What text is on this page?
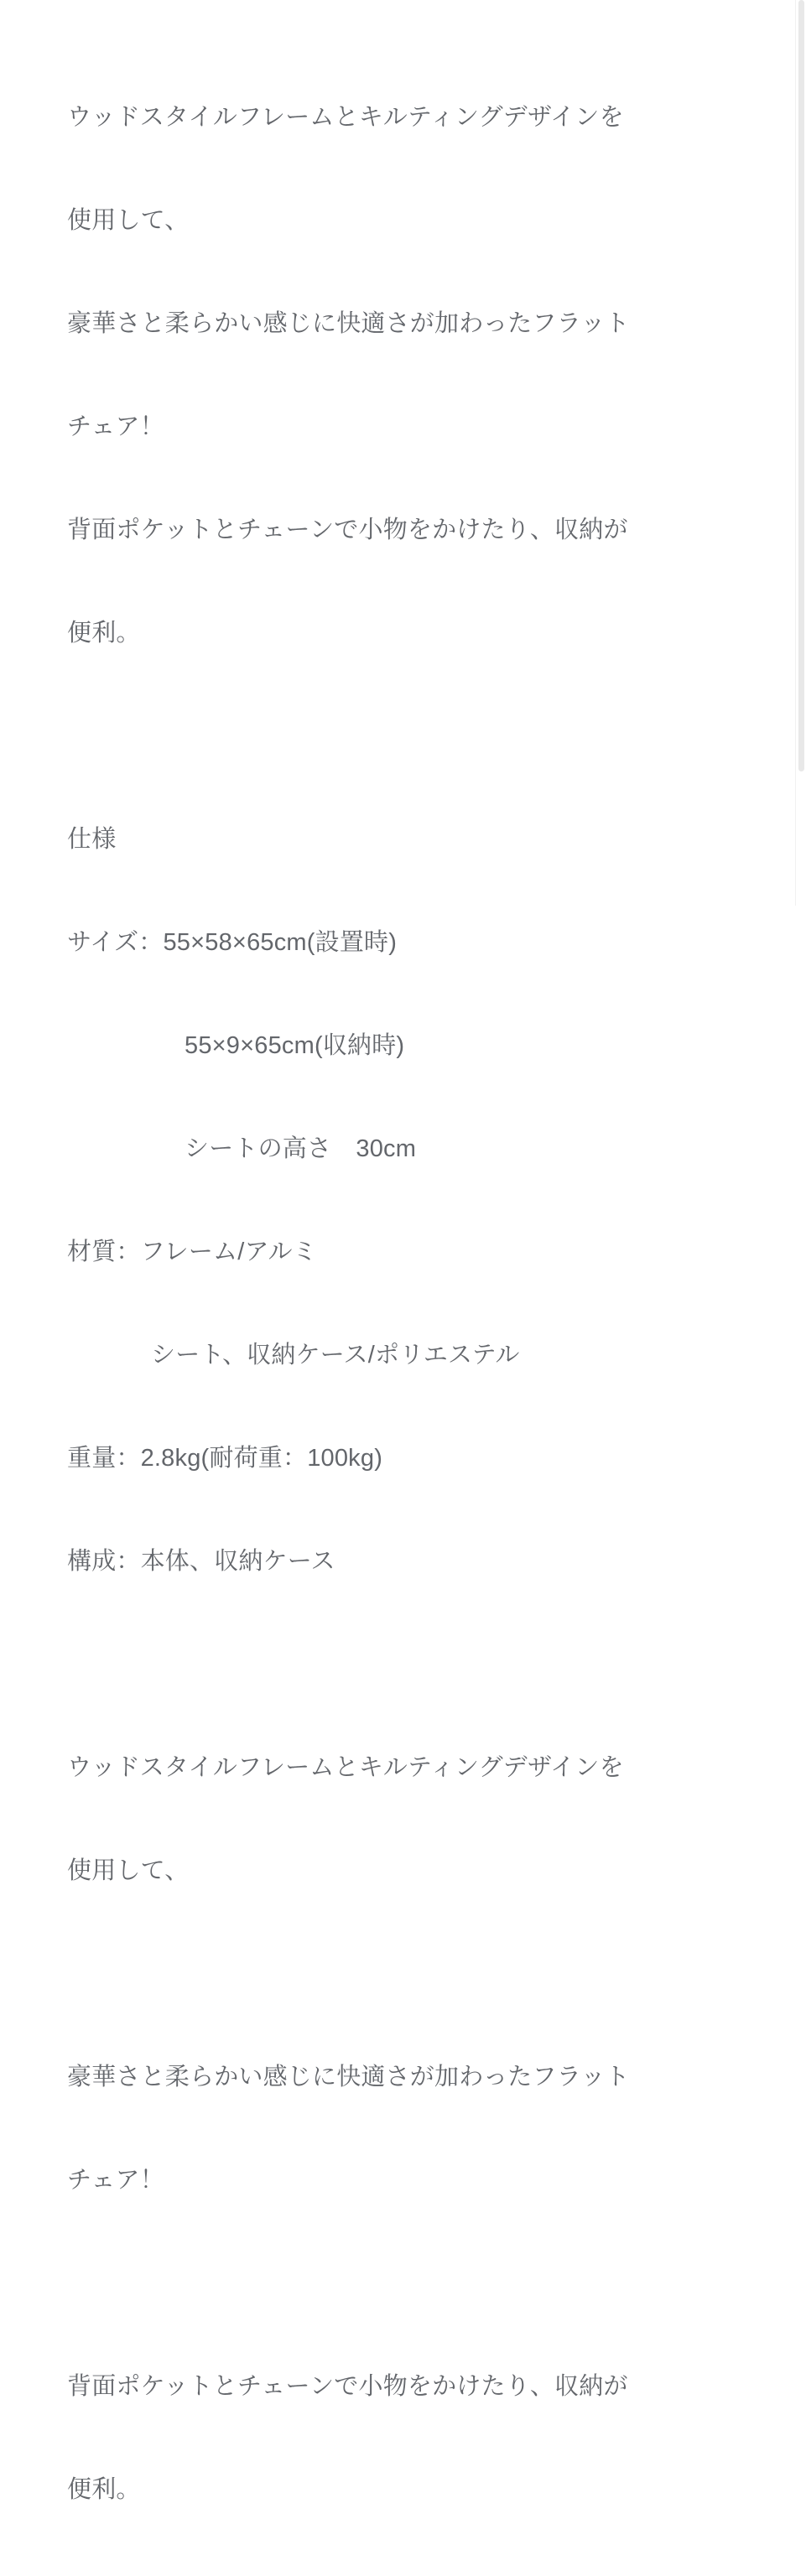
ウッドスタイルフレームとキルティングデザインを

使用して、

豪華さと柔らかい感じに快適さが加わったフラット

チェア！

背面ポケットとチェーンで小物をかけたり、収納が

便利。

仕様

サイズ：55×58×65cm(設置時)

55×9×65cm(収納時)

シートの高さ　30cm

材質：フレーム/アルミ

シート、収納ケース/ポリエステル

重量：2.8kg(耐荷重：100kg)

構成：本体、収納ケース

ウッドスタイルフレームとキルティングデザインを

使用して、

豪華さと柔らかい感じに快適さが加わったフラット

チェア！

背面ポケットとチェーンで小物をかけたり、収納が

便利。
